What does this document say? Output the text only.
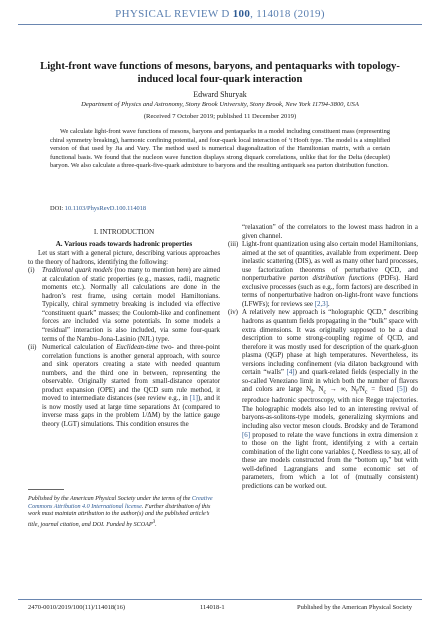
PHYSICAL REVIEW D 100, 114018 (2019)
Light-front wave functions of mesons, baryons, and pentaquarks with topology-induced local four-quark interaction
Edward Shuryak
Department of Physics and Astronomy, Stony Brook University, Stony Brook, New York 11794-3800, USA
(Received 7 October 2019; published 11 December 2019)
We calculate light-front wave functions of mesons, baryons and pentaquarks in a model including constituent mass (representing chiral symmetry breaking), harmonic confining potential, and four-quark local interaction of ’t Hooft type. The model is a simplified version of that used by Jia and Vary. The method used is numerical diagonalization of the Hamiltonian matrix, with a certain functional basis. We found that the nucleon wave function displays strong diquark correlations, unlike that for the Delta (decuplet) baryon. We also calculate a three-quark-five-quark admixture to baryons and the resulting antiquark sea parton distribution function.
DOI: 10.1103/PhysRevD.100.114018
I. INTRODUCTION
A. Various roads towards hadronic properties

Let us start with a general picture, describing various approaches to the theory of hadrons, identifying the following:

(i) Traditional quark models (too many to mention here) are aimed at calculation of static properties (e.g., masses, radii, magnetic moments etc.). Normally all calculations are done in the hadron’s rest frame, using certain model Hamiltonians. Typically, chiral symmetry breaking is included via effective “constituent quark” masses; the Coulomb-like and confinement forces are included via some potentials. In some models a “residual” interaction is also included, via some four-quark terms of the Nambu–Jona-Lasinio (NJL) type.
(ii) Numerical calculation of Euclidean-time two- and three-point correlation functions is another general approach, with source and sink operators creating a state with needed quantum numbers, and the third one in between, representing the observable. Originally started from small-distance operator product expansion (OPE) and the QCD sum rule method, it moved to intermediate distances (see review e.g., in [1]), and it is now mostly used at large time separations Δτ (compared to inverse mass gaps in the problem 1/ΔM) by the lattice gauge theory (LGT) simulations. This condition ensures the
Published by the American Physical Society under the terms of the Creative Commons Attribution 4.0 International license. Further distribution of this work must maintain attribution to the author(s) and the published article’s title, journal citation, and DOI. Funded by SCOAP$^3$.

“relaxation” of the correlators to the lowest mass hadron in a given channel.

(iii) Light-front quantization using also certain model Hamiltonians, aimed at the set of quantities, available from experiment. Deep inelastic scattering (DIS), as well as many other hard processes, use factorization theorems of perturbative QCD, and nonperturbative parton distribution functions (PDFs). Hard exclusive processes (such as e.g., form factors) are described in terms of nonperturbative hadron on-light-front wave functions (LFWFs); for reviews see [2,3].
(iv) A relatively new approach is “holographic QCD,” describing hadrons as quantum fields propagating in the “bulk” space with extra dimensions. It was originally supposed to be a dual description to some strong-coupling regime of QCD, and therefore it was mostly used for description of the quark-gluon plasma (QGP) phase at high temperatures. Nevertheless, its versions including confinement (via dilaton background with certain “walls” [4]) and quark-related fields (especially in the so-called Veneziano limit in which both the number of flavors and colors are large $N_f$, $N_c$ → ∞, $N_f/N_c$ = fixed [5]) do reproduce hadronic spectroscopy, with nice Regge trajectories. The holographic models also led to an interesting revival of baryons-as-solitons-type models, generalizing skyrmions and including also vector meson clouds. Brodsky and de Teramond [6] proposed to relate the wave functions in extra dimension z to those on the light front, identifying z with a certain combination of the light cone variables ζ. Needless to say, all of these are models constructed from the “bottom up,” but with well-defined Lagrangians and some economic set of parameters, from which a lot of (mutually consistent) predictions can be worked out.
2470-0010/2019/100(11)/114018(16)	114018-1	Published by the American Physical Society
